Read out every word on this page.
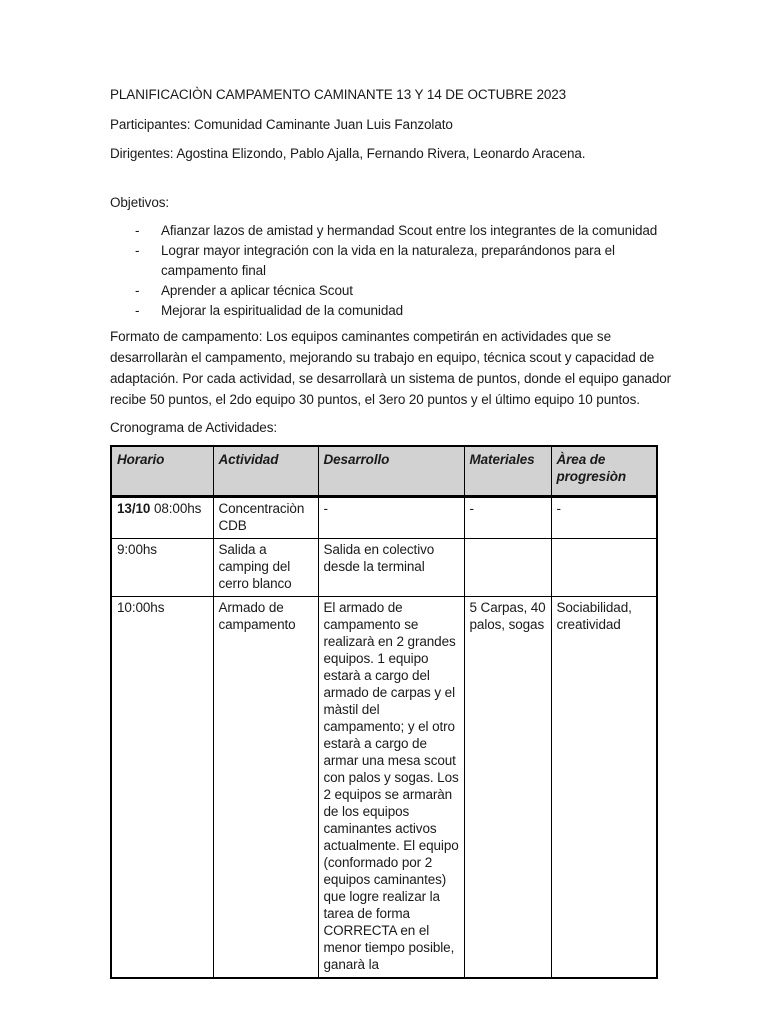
PLANIFICACIÒN CAMPAMENTO CAMINANTE 13 Y 14 DE OCTUBRE 2023

Participantes: Comunidad Caminante Juan Luis Fanzolato

Dirigentes: Agostina Elizondo, Pablo Ajalla, Fernando Rivera, Leonardo Aracena.

Objetivos:

-	Afianzar lazos de amistad y hermandad Scout entre los integrantes de la comunidad
-	Lograr mayor integración con la vida en la naturaleza, preparándonos para el campamento final
-	Aprender a aplicar técnica Scout
-	Mejorar la espiritualidad de la comunidad

Formato de campamento: Los equipos caminantes competirán en actividades que se desarrollaràn el campamento, mejorando su trabajo en equipo, técnica scout y capacidad de adaptación. Por cada actividad, se desarrollarà un sistema de puntos, donde el equipo ganador recibe 50 puntos, el 2do equipo 30 puntos, el 3ero 20 puntos y el último equipo 10 puntos.

Cronograma de Actividades:

Horario	Actividad	Desarrollo	Materiales	Àrea de progresiòn
13/10 08:00hs	Concentraciòn CDB	-	-	-
9:00hs	Salida a camping del cerro blanco	Salida en colectivo desde la terminal		
10:00hs	Armado de campamento	El armado de campamento se realizarà en 2 grandes equipos. 1 equipo estarà a cargo del armado de carpas y el màstil del campamento; y el otro estarà a cargo de armar una mesa scout con palos y sogas. Los 2 equipos se armaràn de los equipos caminantes activos actualmente. El equipo (conformado por 2 equipos caminantes) que logre realizar la tarea de forma CORRECTA en el menor tiempo posible, ganarà la	5 Carpas, 40 palos, sogas	Sociabilidad, creatividad
